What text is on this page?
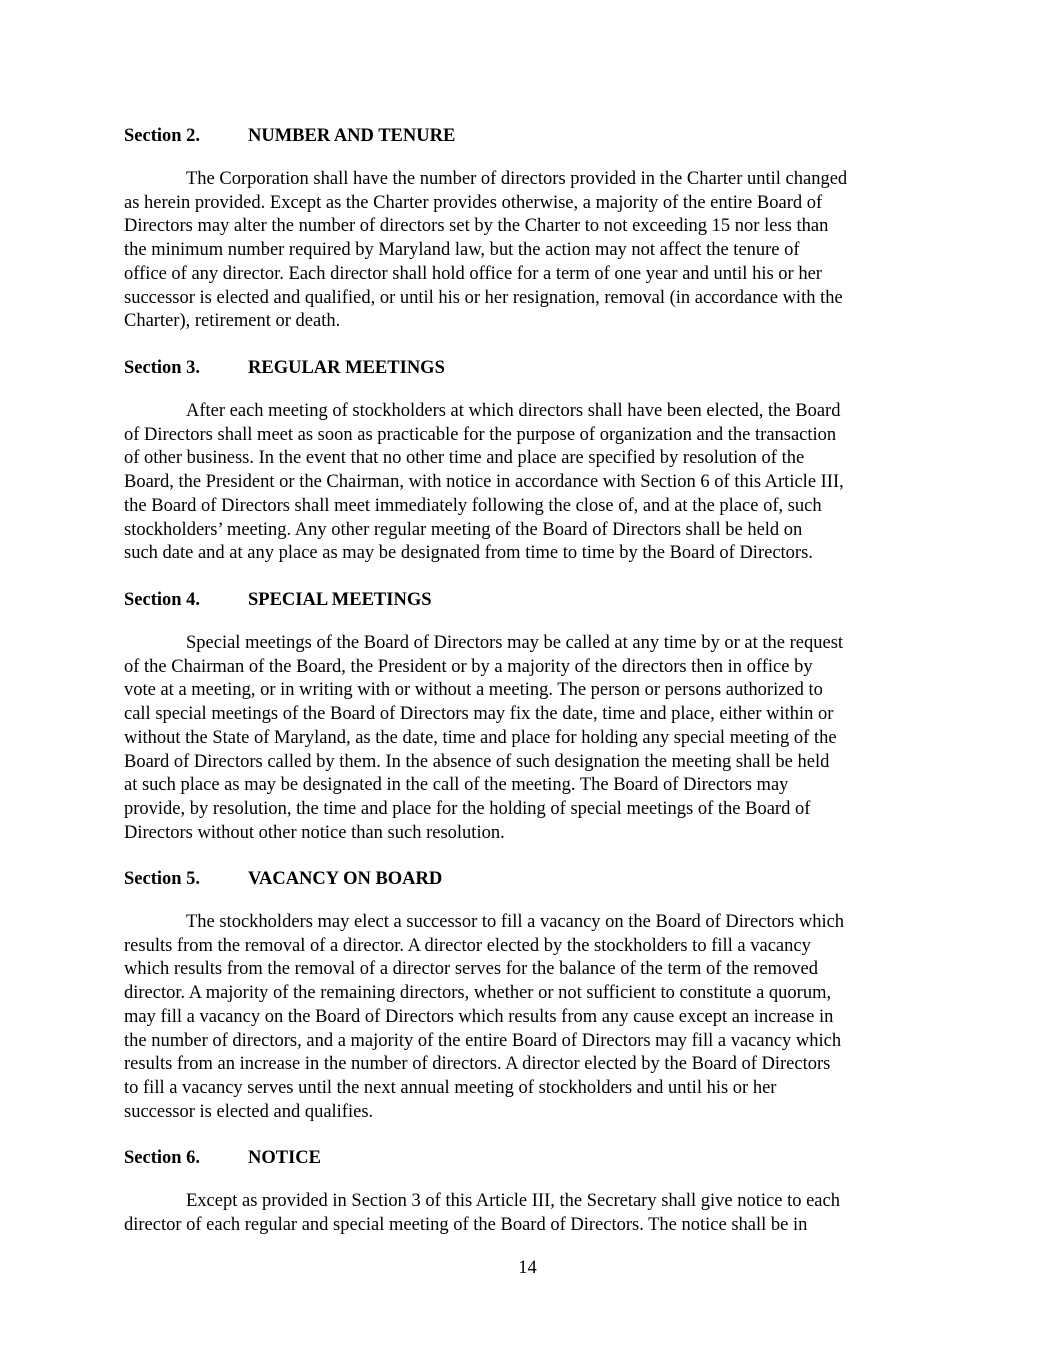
Section 2.	NUMBER AND TENURE
The Corporation shall have the number of directors provided in the Charter until changed
as herein provided. Except as the Charter provides otherwise, a majority of the entire Board of
Directors may alter the number of directors set by the Charter to not exceeding 15 nor less than
the minimum number required by Maryland law, but the action may not affect the tenure of
office of any director. Each director shall hold office for a term of one year and until his or her
successor is elected and qualified, or until his or her resignation, removal (in accordance with the
Charter), retirement or death.
Section 3.	REGULAR MEETINGS
After each meeting of stockholders at which directors shall have been elected, the Board
of Directors shall meet as soon as practicable for the purpose of organization and the transaction
of other business. In the event that no other time and place are specified by resolution of the
Board, the President or the Chairman, with notice in accordance with Section 6 of this Article III,
the Board of Directors shall meet immediately following the close of, and at the place of, such
stockholders’ meeting. Any other regular meeting of the Board of Directors shall be held on
such date and at any place as may be designated from time to time by the Board of Directors.
Section 4.	SPECIAL MEETINGS
Special meetings of the Board of Directors may be called at any time by or at the request
of the Chairman of the Board, the President or by a majority of the directors then in office by
vote at a meeting, or in writing with or without a meeting. The person or persons authorized to
call special meetings of the Board of Directors may fix the date, time and place, either within or
without the State of Maryland, as the date, time and place for holding any special meeting of the
Board of Directors called by them. In the absence of such designation the meeting shall be held
at such place as may be designated in the call of the meeting. The Board of Directors may
provide, by resolution, the time and place for the holding of special meetings of the Board of
Directors without other notice than such resolution.
Section 5.	VACANCY ON BOARD
The stockholders may elect a successor to fill a vacancy on the Board of Directors which
results from the removal of a director. A director elected by the stockholders to fill a vacancy
which results from the removal of a director serves for the balance of the term of the removed
director. A majority of the remaining directors, whether or not sufficient to constitute a quorum,
may fill a vacancy on the Board of Directors which results from any cause except an increase in
the number of directors, and a majority of the entire Board of Directors may fill a vacancy which
results from an increase in the number of directors. A director elected by the Board of Directors
to fill a vacancy serves until the next annual meeting of stockholders and until his or her
successor is elected and qualifies.
Section 6.	NOTICE
Except as provided in Section 3 of this Article III, the Secretary shall give notice to each
director of each regular and special meeting of the Board of Directors. The notice shall be in
14
